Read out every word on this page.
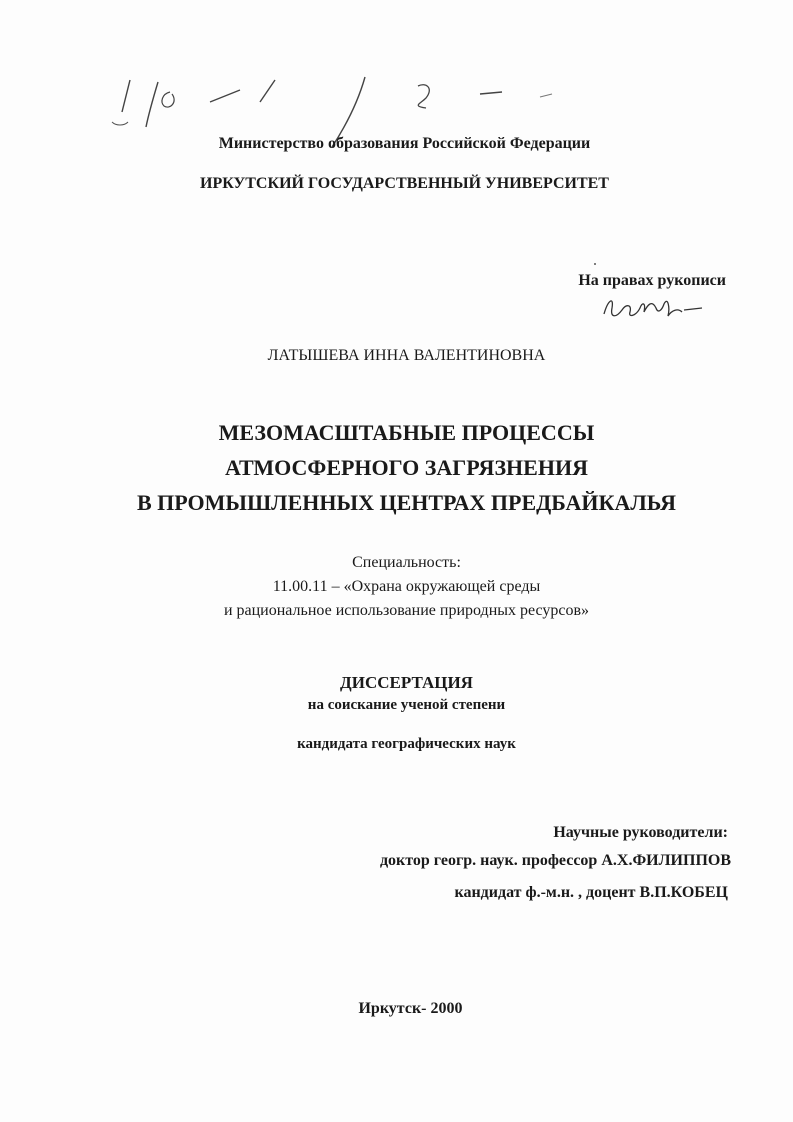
Министерство образования Российской Федерации
ИРКУТСКИЙ ГОСУДАРСТВЕННЫЙ УНИВЕРСИТЕТ
На правах рукописи
ЛАТЫШЕВА ИННА ВАЛЕНТИНОВНА
МЕЗОМАСШТАБНЫЕ ПРОЦЕССЫ
АТМОСФЕРНОГО ЗАГРЯЗНЕНИЯ
В ПРОМЫШЛЕННЫХ ЦЕНТРАХ ПРЕДБАЙКАЛЬЯ
Специальность:
11.00.11 – «Охрана окружающей среды
и рациональное использование природных ресурсов»
ДИССЕРТАЦИЯ
на соискание ученой степени
кандидата географических наук
Научные руководители:
доктор геогр. наук. профессор А.Х.ФИЛИППОВ
кандидат ф.-м.н. , доцент В.П.КОБЕЦ
Иркутск- 2000
